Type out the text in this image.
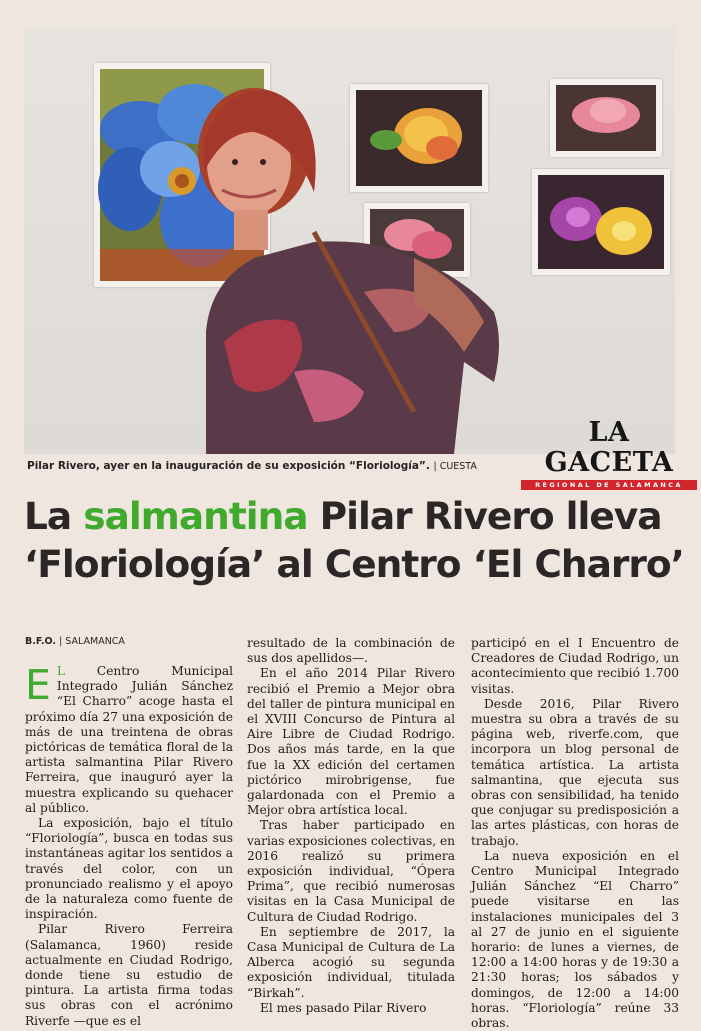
LA GACETA
REGIONAL DE SALAMANCA
Pilar Rivero, ayer en la inauguración de su exposición “Floriología”. | CUESTA
La salmantina Pilar Rivero lleva
‘Floriología’ al Centro ‘El Charro’
B.F.O. | SALAMANCA

E L Centro Municipal Integrado Julián Sánchez “El Charro” acoge hasta el próximo día 27 una exposición de más de una treintena de obras pictóricas de temática floral de la artista salmantina Pilar Rivero Ferreira, que inauguró ayer la muestra explicando su quehacer al público.

La exposición, bajo el título “Floriología”, busca en todas sus instantáneas agitar los sentidos a través del color, con un pronunciado realismo y el apoyo de la naturaleza como fuente de inspiración.

Pilar Rivero Ferreira (Salamanca, 1960) reside actualmente en Ciudad Rodrigo, donde tiene su estudio de pintura. La artista firma todas sus obras con el acrónimo Riverfe —que es el

resultado de la combinación de sus dos apellidos—.

En el año 2014 Pilar Rivero recibió el Premio a Mejor obra del taller de pintura municipal en el XVIII Concurso de Pintura al Aire Libre de Ciudad Rodrigo. Dos años más tarde, en la que fue la XX edición del certamen pictórico mirobrigense, fue galardonada con el Premio a Mejor obra artística local.

Tras haber participado en varias exposiciones colectivas, en 2016 realizó su primera exposición individual, “Ópera Prima”, que recibió numerosas visitas en la Casa Municipal de Cultura de Ciudad Rodrigo.

En septiembre de 2017, la Casa Municipal de Cultura de La Alberca acogió su segunda exposición individual, titulada “Birkah”.

El mes pasado Pilar Rivero

participó en el I Encuentro de Creadores de Ciudad Rodrigo, un acontecimiento que recibió 1.700 visitas.

Desde 2016, Pilar Rivero muestra su obra a través de su página web, riverfe.com, que incorpora un blog personal de temática artística. La artista salmantina, que ejecuta sus obras con sensibilidad, ha tenido que conjugar su predisposición a las artes plásticas, con horas de trabajo.

La nueva exposición en el Centro Municipal Integrado Julián Sánchez “El Charro” puede visitarse en las instalaciones municipales del 3 al 27 de junio en el siguiente horario: de lunes a viernes, de 12:00 a 14:00 horas y de 19:30 a 21:30 horas; los sábados y domingos, de 12:00 a 14:00 horas. “Floriología” reúne 33 obras.
